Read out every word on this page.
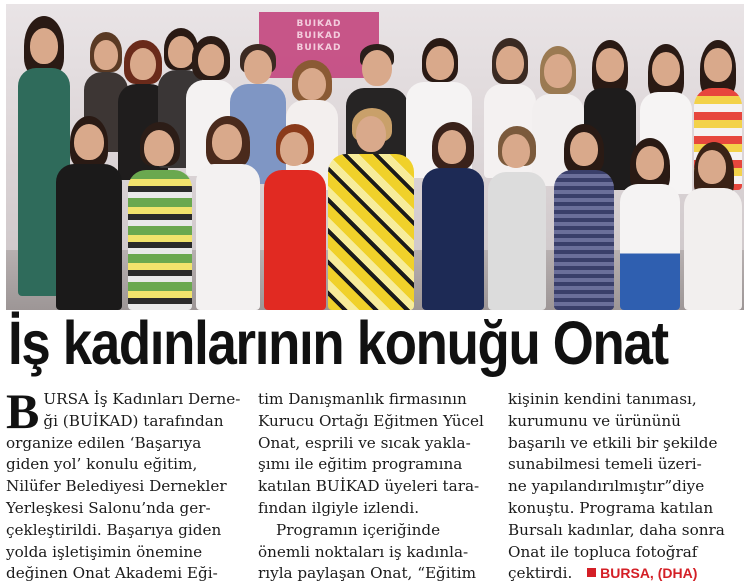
BUIKAD
BUIKAD
BUIKAD
İş kadınlarının konuğu Onat
B URSA İş Kadınları Derne-
ği (BUİKAD) tarafından
organize edilen ‘Başarıya
giden yol’ konulu eğitim,
Nilüfer Belediyesi Dernekler
Yerleşkesi Salonu’nda ger-
çekleştirildi. Başarıya giden
yolda işletişimin önemine
değinen Onat Akademi Eği-
tim Danışmanlık firmasının
Kurucu Ortağı Eğitmen Yücel
Onat, esprili ve sıcak yakla-
şımı ile eğitim programına
katılan BUİKAD üyeleri tara-
fından ilgiyle izlendi.
Programın içeriğinde
önemli noktaları iş kadınla-
rıyla paylaşan Onat, “Eğitim
kişinin kendini tanıması,
kurumunu ve ürününü
başarılı ve etkili bir şekilde
sunabilmesi temeli üzeri-
ne yapılandırılmıştır”diye
konuştu. Programa katılan
Bursalı kadınlar, daha sonra
Onat ile topluca fotoğraf
çektirdi. BURSA, (DHA)
